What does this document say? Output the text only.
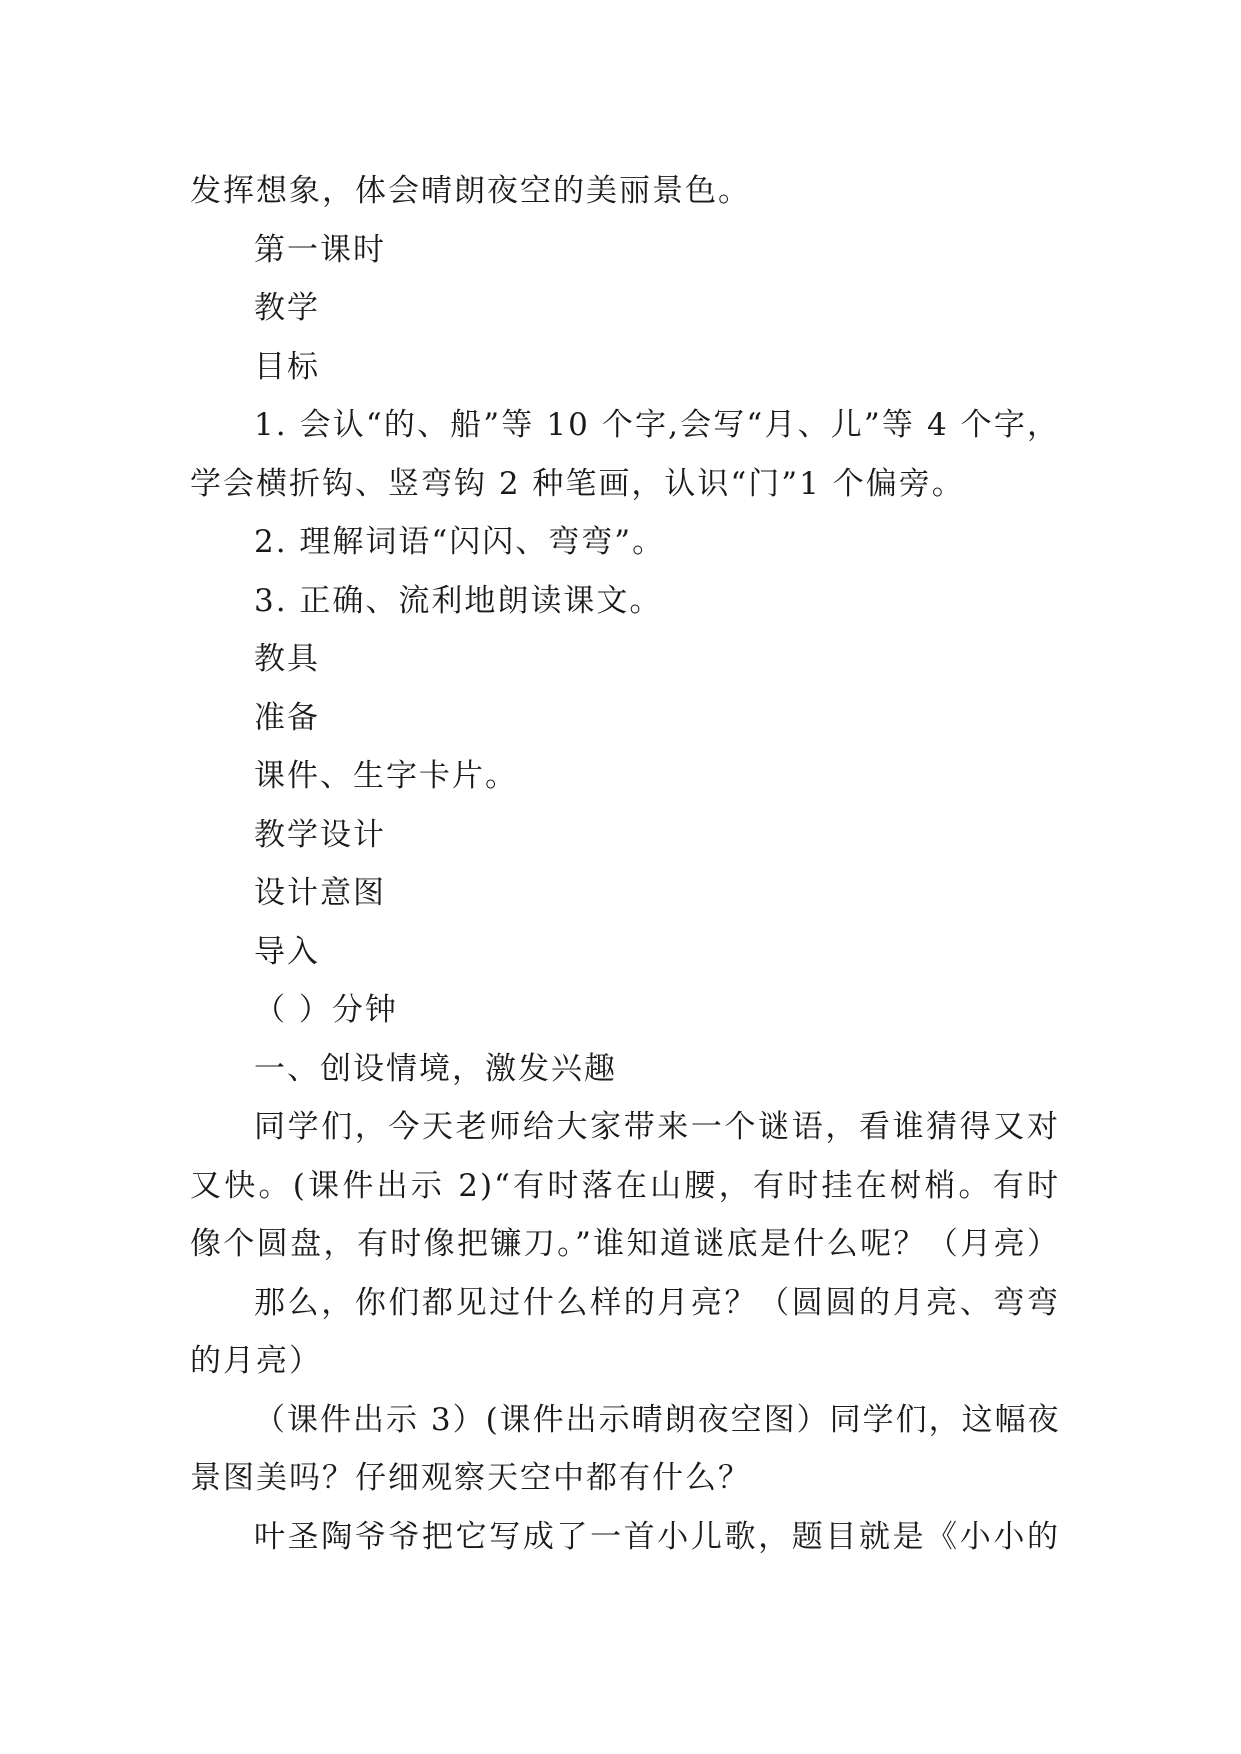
发挥想象，体会晴朗夜空的美丽景色。
第一课时
教学
目标
1. 会认“的、船”等 10 个字,会写“月、儿”等 4 个字，
学会横折钩、竖弯钩 2 种笔画，认识“门”1 个偏旁。
2. 理解词语“闪闪、弯弯”。
3. 正确、流利地朗读课文。
教具
准备
课件、生字卡片。
教学设计
设计意图
导入
（ ）分钟
一、创设情境，激发兴趣
同学们，今天老师给大家带来一个谜语，看谁猜得又对
又快。(课件出示 2)“有时落在山腰，有时挂在树梢。有时
像个圆盘，有时像把镰刀。”谁知道谜底是什么呢？（月亮）
那么，你们都见过什么样的月亮？（圆圆的月亮、弯弯
的月亮）
（课件出示 3）(课件出示晴朗夜空图）同学们，这幅夜
景图美吗？仔细观察天空中都有什么？
叶圣陶爷爷把它写成了一首小儿歌，题目就是《小小的
